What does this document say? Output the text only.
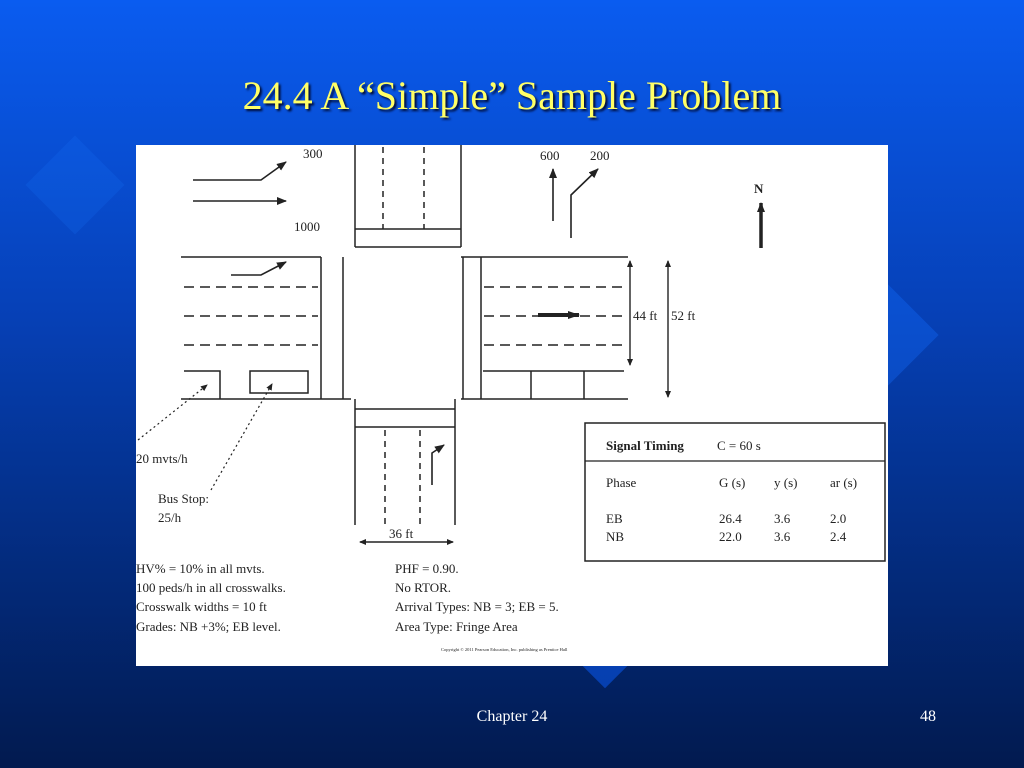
24.4 A “Simple” Sample Problem
300
1000
600 200
N
44 ft 52 ft
36 ft
20 mvts/h
Bus Stop:
25/h
HV% = 10% in all mvts.
100 peds/h in all crosswalks.
Crosswalk widths = 10 ft
Grades: NB +3%; EB level.
PHF = 0.90.
No RTOR.
Arrival Types: NB = 3; EB = 5.
Area Type: Fringe Area
Copyright © 2011 Pearson Education, Inc. publishing as Prentice Hall
Signal Timing	C = 60 s
Phase	G (s) y (s)	ar (s)
EB	26.4 3.6	2.0
NB	22.0 3.6	2.4
Chapter 24	48
